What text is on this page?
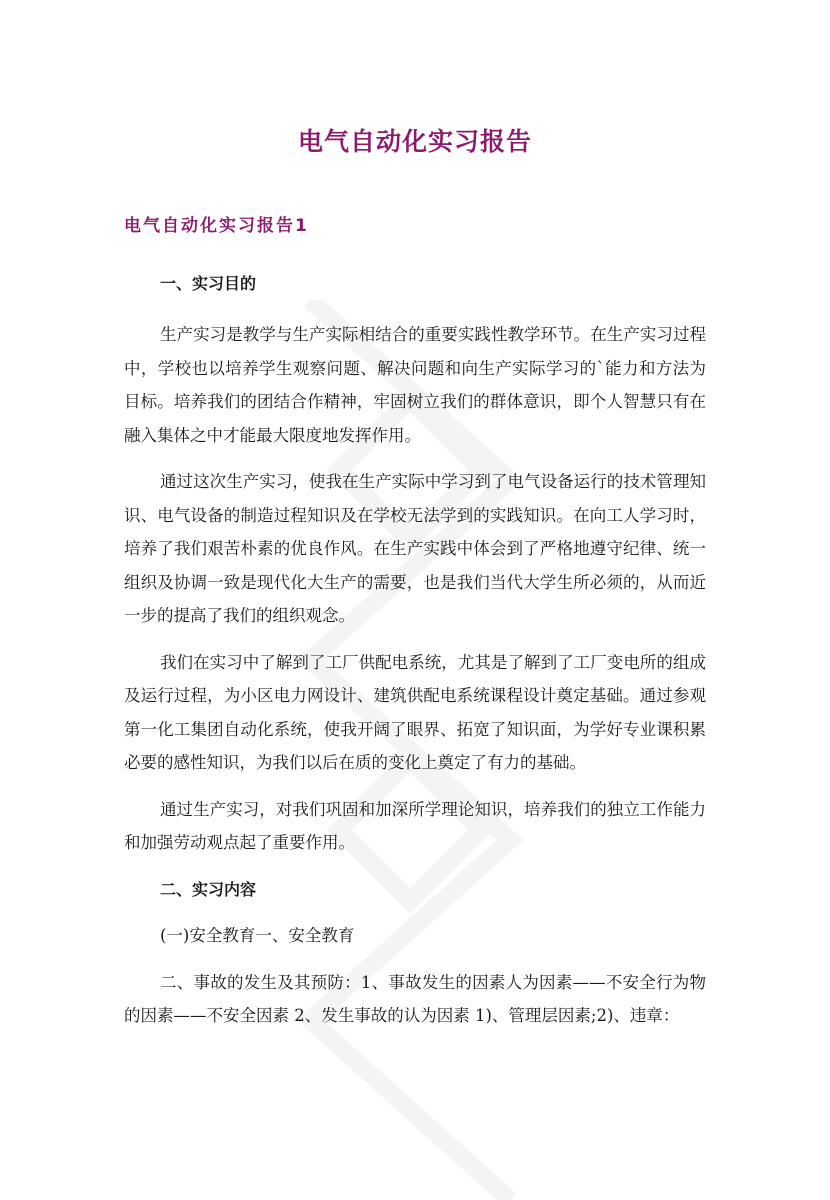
电气自动化实习报告
电气自动化实习报告1

一、实习目的

生产实习是教学与生产实际相结合的重要实践性教学环节。在生产实习过程中，学校也以培养学生观察问题、解决问题和向生产实际学习的`能力和方法为目标。培养我们的团结合作精神，牢固树立我们的群体意识，即个人智慧只有在融入集体之中才能最大限度地发挥作用。

通过这次生产实习，使我在生产实际中学习到了电气设备运行的技术管理知识、电气设备的制造过程知识及在学校无法学到的实践知识。在向工人学习时，培养了我们艰苦朴素的优良作风。在生产实践中体会到了严格地遵守纪律、统一组织及协调一致是现代化大生产的需要，也是我们当代大学生所必须的，从而近一步的提高了我们的组织观念。

我们在实习中了解到了工厂供配电系统，尤其是了解到了工厂变电所的组成及运行过程，为小区电力网设计、建筑供配电系统课程设计奠定基础。通过参观第一化工集团自动化系统，使我开阔了眼界、拓宽了知识面，为学好专业课积累必要的感性知识，为我们以后在质的变化上奠定了有力的基础。

通过生产实习，对我们巩固和加深所学理论知识，培养我们的独立工作能力和加强劳动观点起了重要作用。

二、实习内容

(一)安全教育一、安全教育

二、事故的发生及其预防：1、事故发生的因素人为因素——不安全行为物的因素——不安全因素 2、发生事故的认为因素 1)、管理层因素;2)、违章：
